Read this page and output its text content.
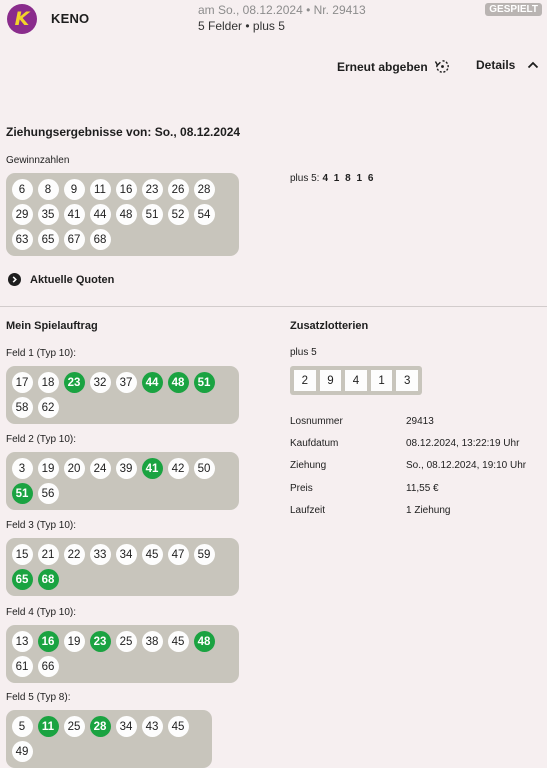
K KENO
am So., 08.12.2024 • Nr. 29413
5 Felder • plus 5
GESPIELT
Erneut abgeben	Details
Ziehungsergebnisse von: So., 08.12.2024
Gewinnzahlen
6	8	9	11	16	23	26	28
29	35	41	44	48	51	52	54
63	65	67	68
plus 5: 4 1 8 1 6
Aktuelle Quoten
Mein Spielauftrag
Feld 1 (Typ 10):
17	18	23	32	37	44	48	51
58	62
Feld 2 (Typ 10):
3	19	20	24	39	41	42	50
51	56
Feld 3 (Typ 10):
15	21	22	33	34	45	47	59
65	68
Feld 4 (Typ 10):
13	16	19	23	25	38	45	48
61	66
Feld 5 (Typ 8):
5	11	25	28	34	43	45
49
Zusatzlotterien
plus 5
2	9	4	1	3
Losnummer	29413
Kaufdatum	08.12.2024, 13:22:19 Uhr
Ziehung	So., 08.12.2024, 19:10 Uhr
Preis	11,55 €
Laufzeit	1 Ziehung
